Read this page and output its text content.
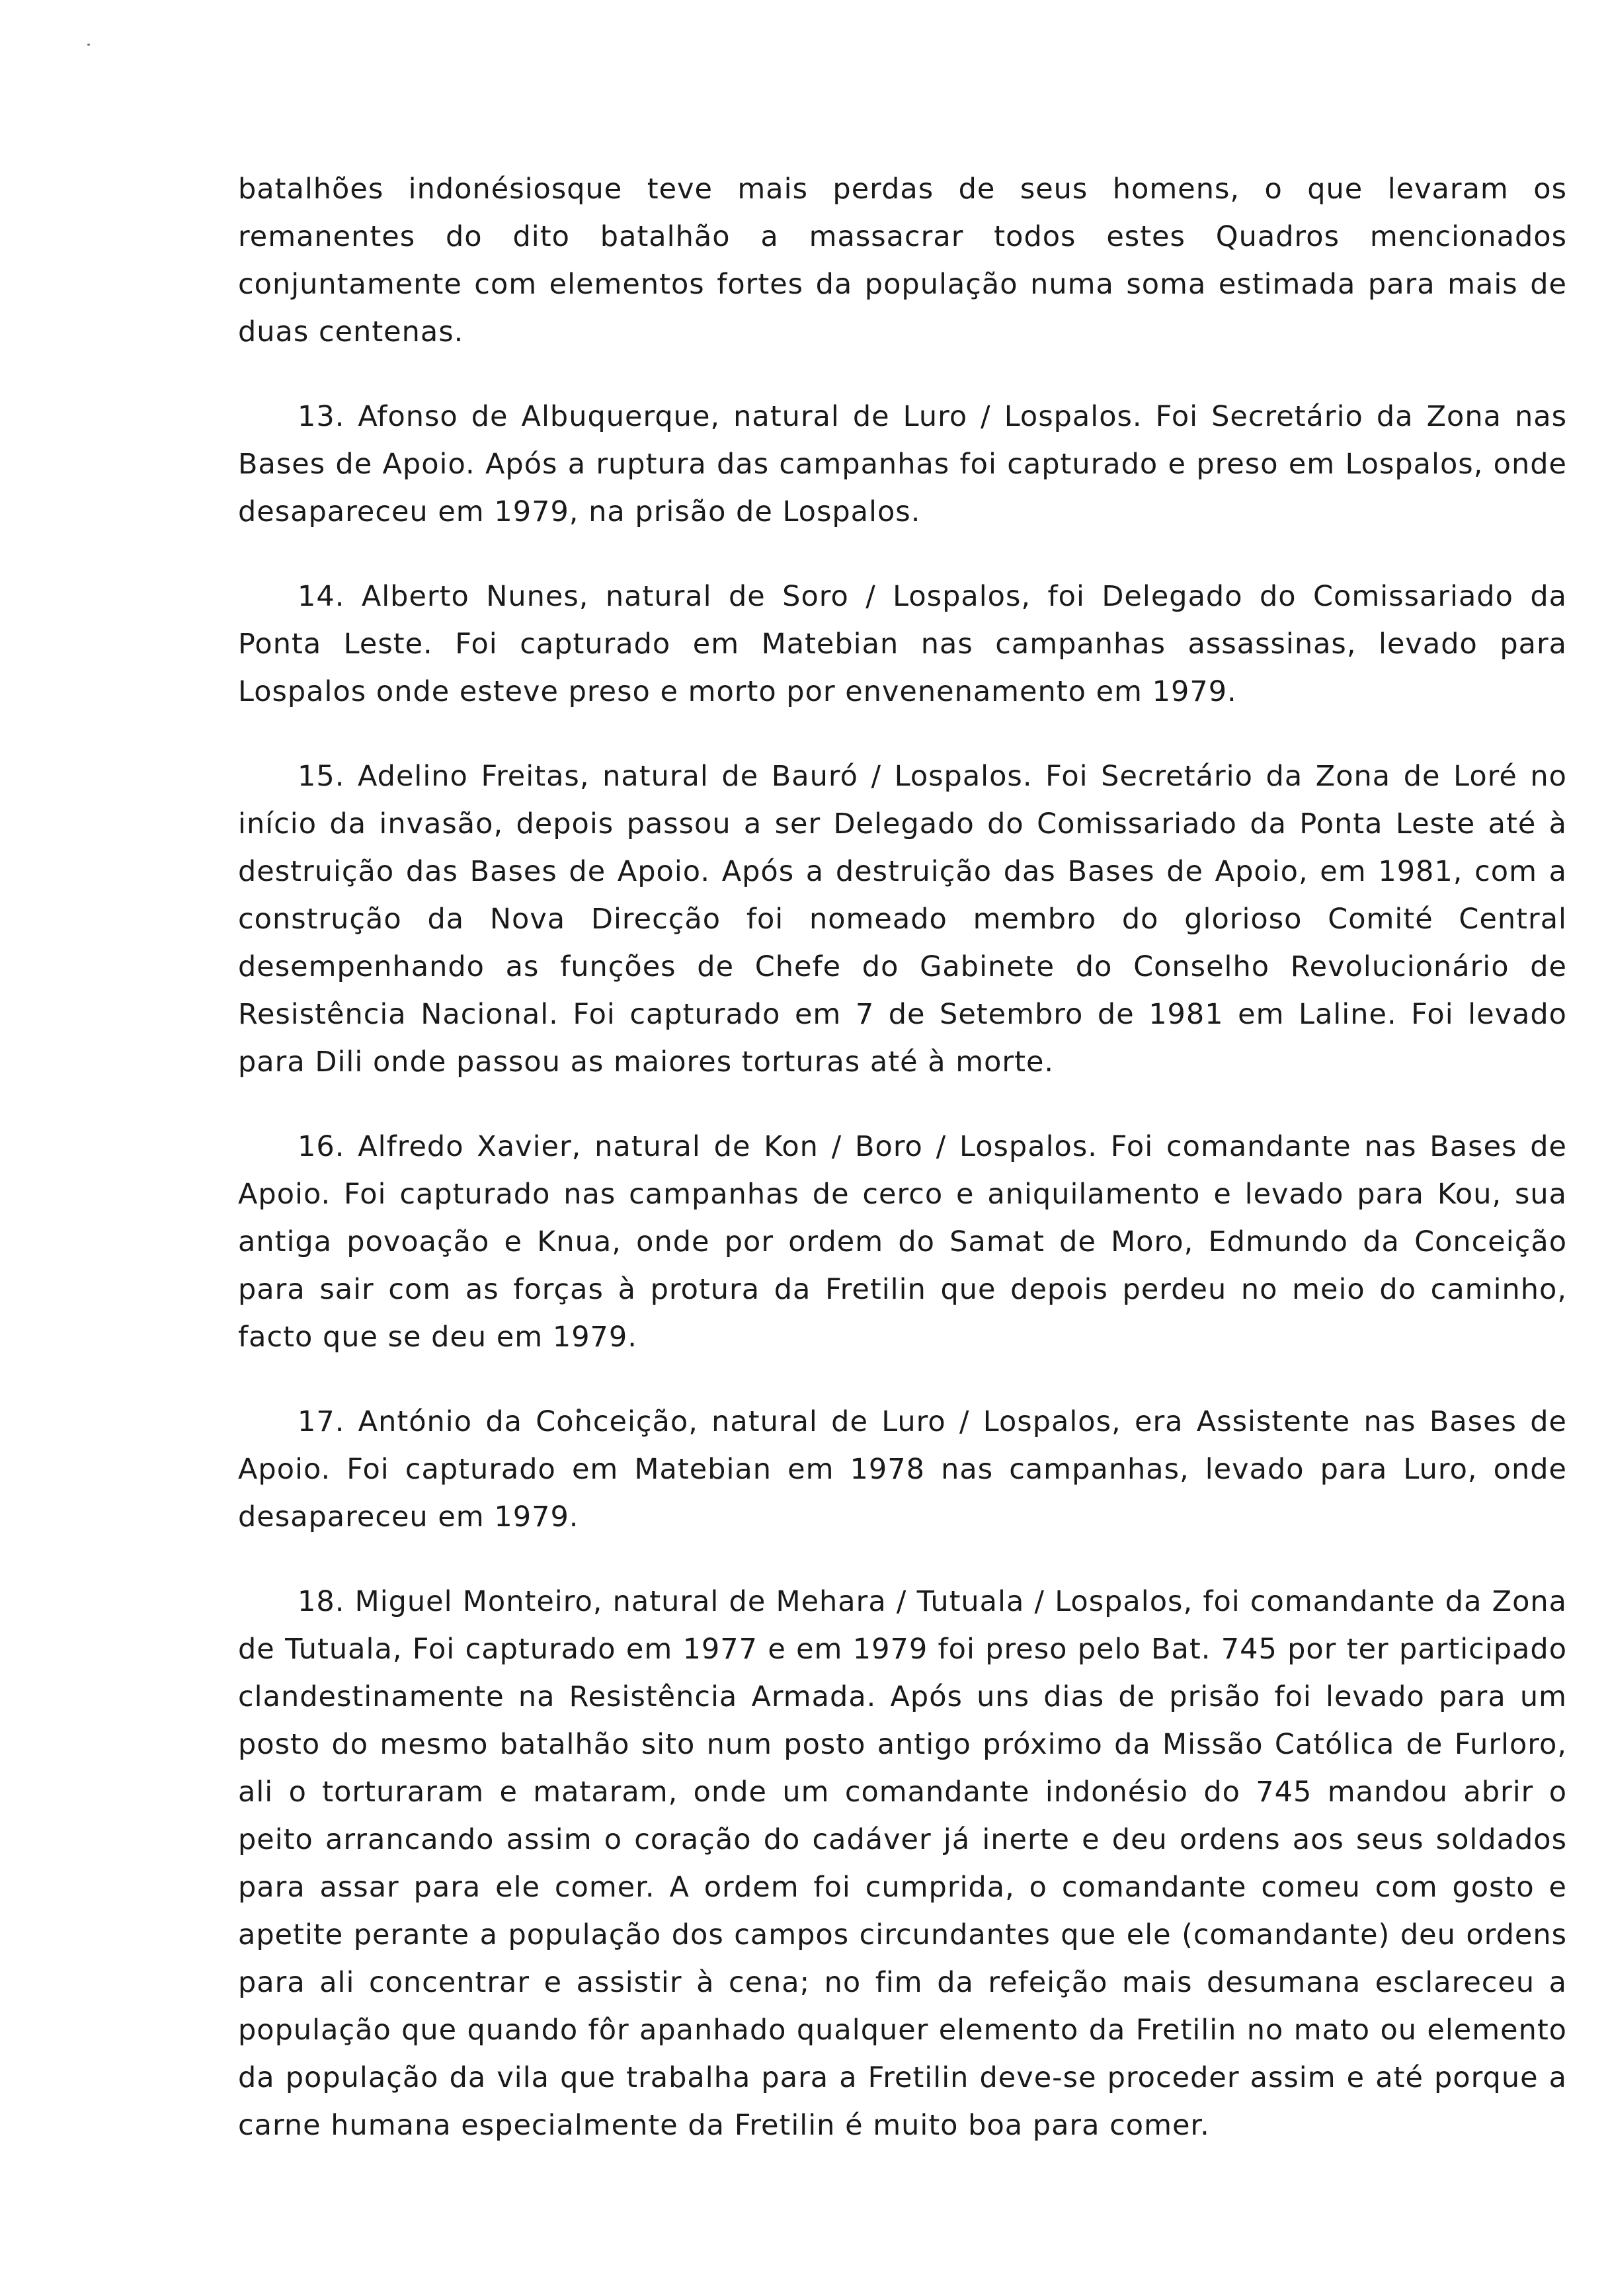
batalhões indonésiosque teve mais perdas de seus homens, o que levaram os remanentes do dito batalhão a massacrar todos estes Quadros mencionados conjuntamente com elementos fortes da população numa soma estimada para mais de duas centenas.

13. Afonso de Albuquerque, natural de Luro / Lospalos. Foi Secretário da Zona nas Bases de Apoio. Após a ruptura das campanhas foi capturado e preso em Lospalos, onde desapareceu em 1979, na prisão de Lospalos.

14. Alberto Nunes, natural de Soro / Lospalos, foi Delegado do Comissariado da Ponta Leste. Foi capturado em Matebian nas campanhas assassinas, levado para Lospalos onde esteve preso e morto por envenenamento em 1979.

15. Adelino Freitas, natural de Bauró / Lospalos. Foi Secretário da Zona de Loré no início da invasão, depois passou a ser Delegado do Comissariado da Ponta Leste até à destruição das Bases de Apoio. Após a destruição das Bases de Apoio, em 1981, com a construção da Nova Direcção foi nomeado membro do glorioso Comité Central desempenhando as funções de Chefe do Gabinete do Conselho Revolucionário de Resistência Nacional. Foi capturado em 7 de Setembro de 1981 em Laline. Foi levado para Dili onde passou as maiores torturas até à morte.

16. Alfredo Xavier, natural de Kon / Boro / Lospalos. Foi comandante nas Bases de Apoio. Foi capturado nas campanhas de cerco e aniquilamento e levado para Kou, sua antiga povoação e Knua, onde por ordem do Samat de Moro, Edmundo da Conceição para sair com as forças à protura da Fretilin que depois perdeu no meio do caminho, facto que se deu em 1979.

17. António da Conceição, natural de Luro / Lospalos, era Assistente nas Bases de Apoio. Foi capturado em Matebian em 1978 nas campanhas, levado para Luro, onde desapareceu em 1979.

18. Miguel Monteiro, natural de Mehara / Tutuala / Lospalos, foi comandante da Zona de Tutuala, Foi capturado em 1977 e em 1979 foi preso pelo Bat. 745 por ter participado clandestinamente na Resistência Armada. Após uns dias de prisão foi levado para um posto do mesmo batalhão sito num posto antigo próximo da Missão Católica de Furloro, ali o torturaram e mataram, onde um comandante indonésio do 745 mandou abrir o peito arrancando assim o coração do cadáver já inerte e deu ordens aos seus soldados para assar para ele comer. A ordem foi cumprida, o comandante comeu com gosto e apetite perante a população dos campos circundantes que ele (comandante) deu ordens para ali concentrar e assistir à cena; no fim da refeição mais desumana esclareceu a população que quando fôr apanhado qualquer elemento da Fretilin no mato ou elemento da população da vila que trabalha para a Fretilin deve-se proceder assim e até porque a carne humana especialmente da Fretilin é muito boa para comer.
